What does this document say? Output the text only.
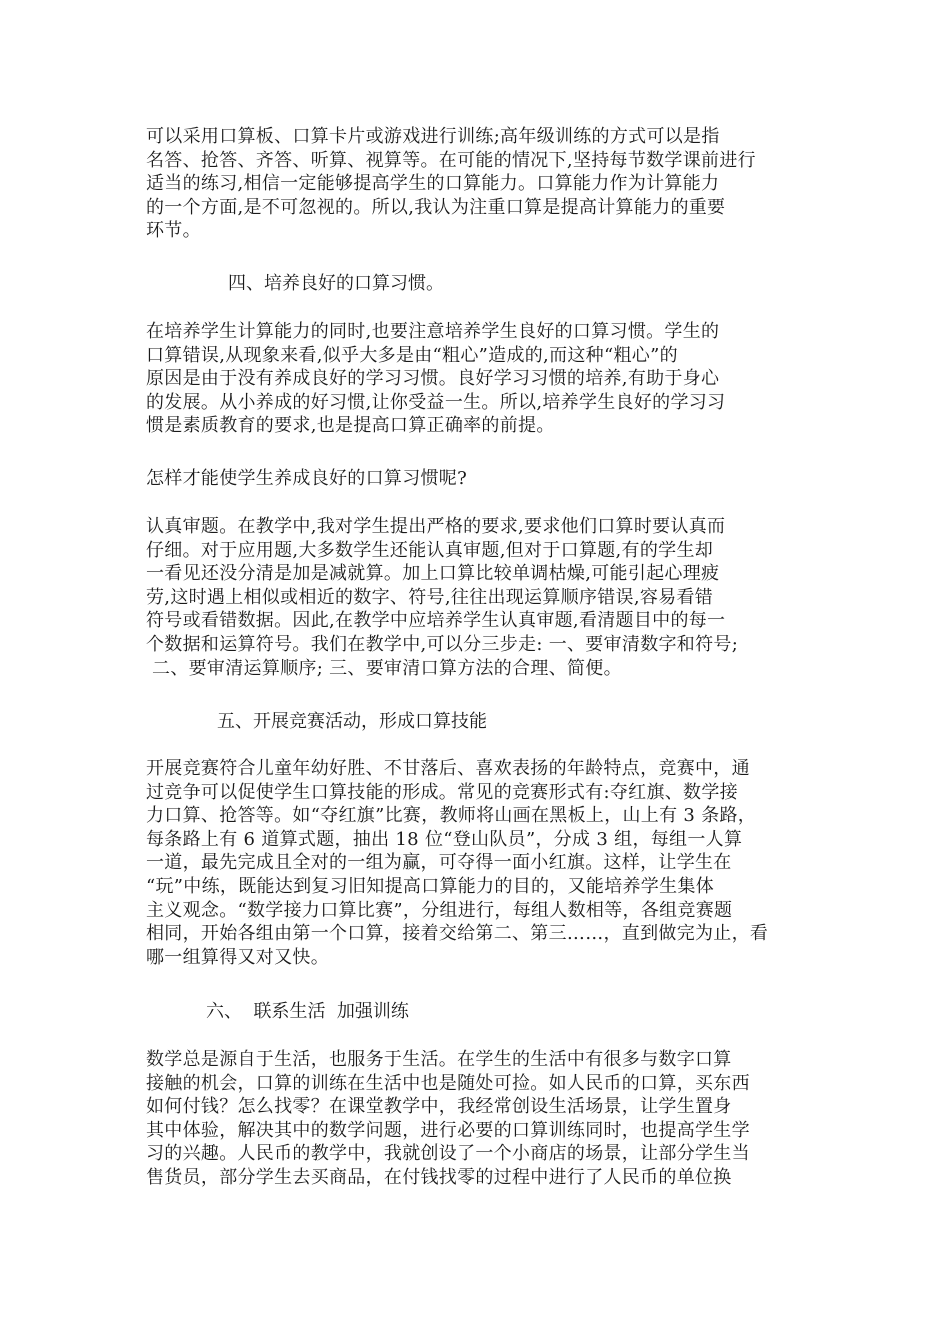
可以采用口算板、口算卡片或游戏进行训练;高年级训练的方式可以是指
名答、抢答、齐答、听算、视算等。在可能的情况下,坚持每节数学课前进行
适当的练习,相信一定能够提高学生的口算能力。口算能力作为计算能力
的一个方面,是不可忽视的。所以,我认为注重口算是提高计算能力的重要
环节。
四、培养良好的口算习惯。
在培养学生计算能力的同时,也要注意培养学生良好的口算习惯。学生的
口算错误,从现象来看,似乎大多是由“粗心”造成的,而这种“粗心”的
原因是由于没有养成良好的学习习惯。良好学习习惯的培养,有助于身心
的发展。从小养成的好习惯,让你受益一生。所以,培养学生良好的学习习
惯是素质教育的要求,也是提高口算正确率的前提。
怎样才能使学生养成良好的口算习惯呢?
认真审题。在教学中,我对学生提出严格的要求,要求他们口算时要认真而
仔细。对于应用题,大多数学生还能认真审题,但对于口算题,有的学生却
一看见还没分清是加是减就算。加上口算比较单调枯燥,可能引起心理疲
劳,这时遇上相似或相近的数字、符号,往往出现运算顺序错误,容易看错
符号或看错数据。因此,在教学中应培养学生认真审题,看清题目中的每一
个数据和运算符号。我们在教学中,可以分三步走: 一、要审清数字和符号;
二、要审清运算顺序; 三、要审清口算方法的合理、简便。
五、开展竞赛活动，形成口算技能
开展竞赛符合儿童年幼好胜、不甘落后、喜欢表扬的年龄特点，竞赛中，通
过竞争可以促使学生口算技能的形成。常见的竞赛形式有:夺红旗、数学接
力口算、抢答等。如“夺红旗”比赛，教师将山画在黑板上，山上有 3 条路，
每条路上有 6 道算式题，抽出 18 位“登山队员”，分成 3 组，每组一人算
一道，最先完成且全对的一组为赢，可夺得一面小红旗。这样，让学生在
“玩”中练，既能达到复习旧知提高口算能力的目的，又能培养学生集体
主义观念。“数学接力口算比赛”，分组进行，每组人数相等，各组竞赛题
相同，开始各组由第一个口算，接着交给第二、第三……，直到做完为止，看
哪一组算得又对又快。
六、  联系生活  加强训练
数学总是源自于生活，也服务于生活。在学生的生活中有很多与数字口算
接触的机会，口算的训练在生活中也是随处可捡。如人民币的口算，买东西
如何付钱？怎么找零？在课堂教学中，我经常创设生活场景，让学生置身
其中体验，解决其中的数学问题，进行必要的口算训练同时，也提高学生学
习的兴趣。人民币的教学中，我就创设了一个小商店的场景，让部分学生当
售货员，部分学生去买商品，在付钱找零的过程中进行了人民币的单位换
